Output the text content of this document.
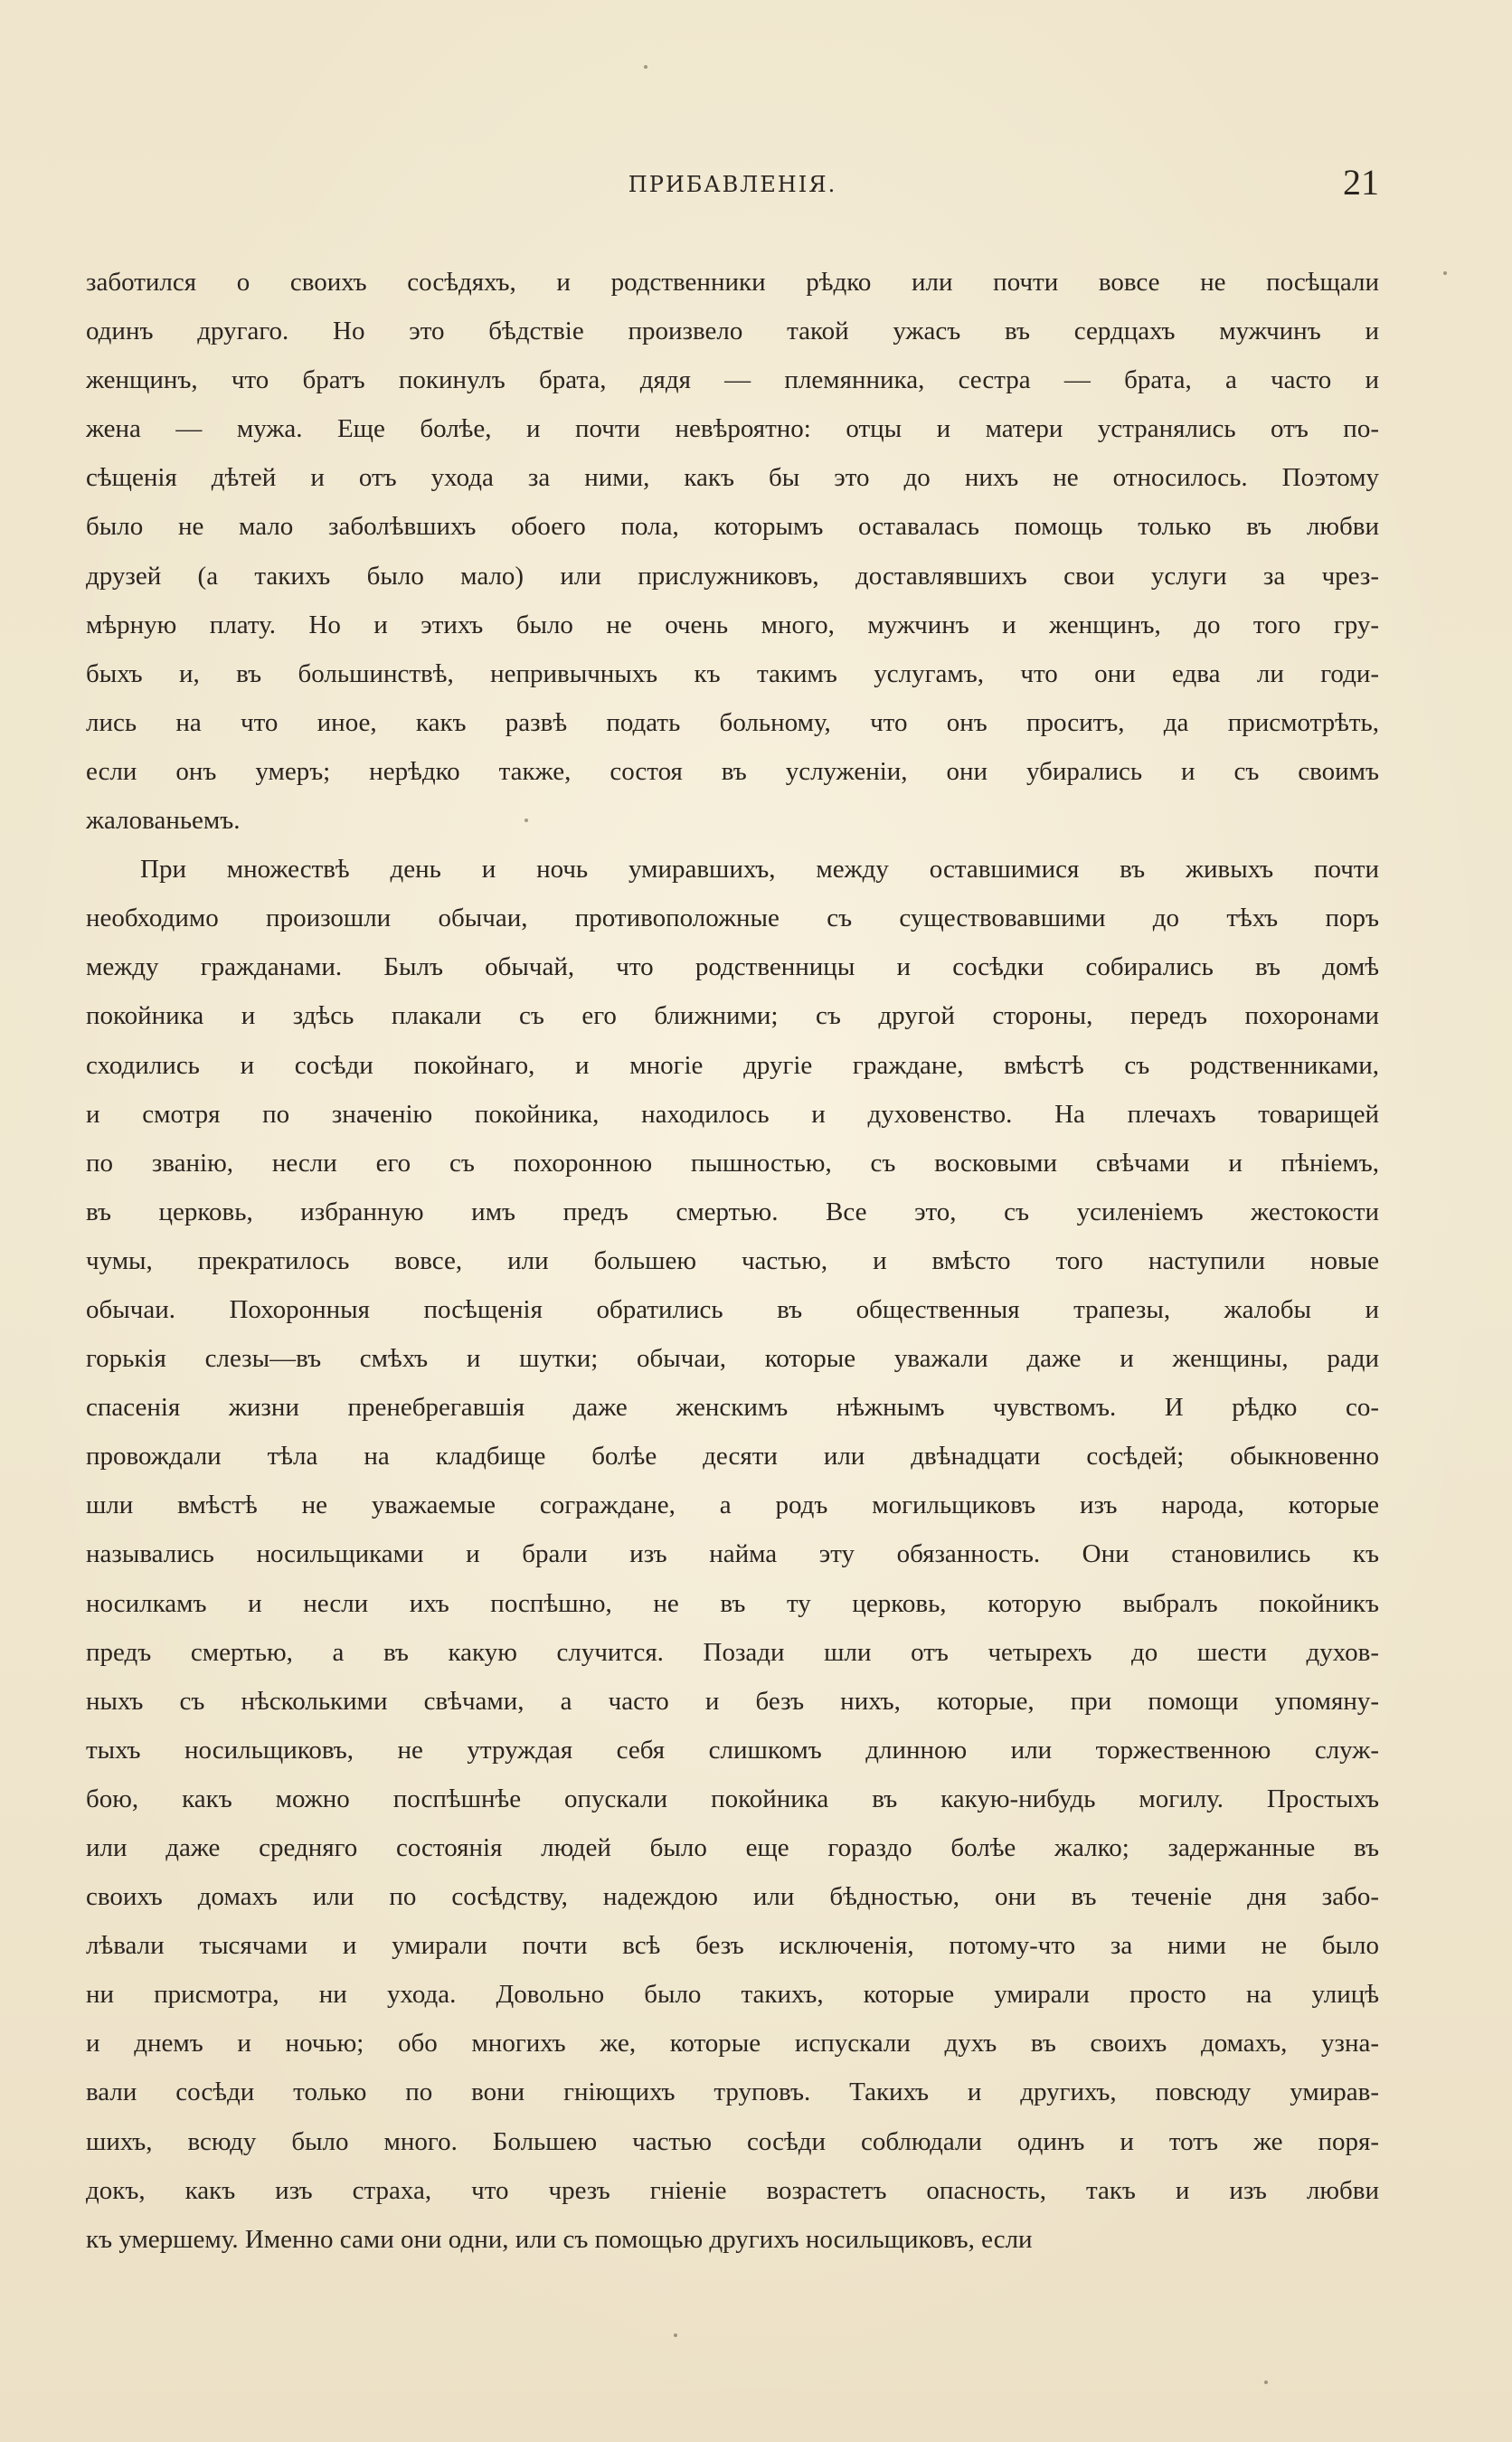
ПРИБАВЛЕНІЯ.	21
заботился о своихъ сосѣдяхъ, и родственники рѣдко или почти вовсе не посѣщали
одинъ другаго. Но это бѣдствіе произвело такой ужасъ въ сердцахъ мужчинъ и
женщинъ, что братъ покинулъ брата, дядя — племянника, сестра — брата, а часто и
жена — мужа. Еще болѣе, и почти невѣроятно: отцы и матери устранялись отъ по-
сѣщенія дѣтей и отъ ухода за ними, какъ бы это до нихъ не относилось. Поэтому
было не мало заболѣвшихъ обоего пола, которымъ оставалась помощь только въ любви
друзей (а такихъ было мало) или прислужниковъ, доставлявшихъ свои услуги за чрез-
мѣрную плату. Но и этихъ было не очень много, мужчинъ и женщинъ, до того гру-
быхъ и, въ большинствѣ, непривычныхъ къ такимъ услугамъ, что они едва ли годи-
лись на что иное, какъ развѣ подать больному, что онъ проситъ, да присмотрѣть,
если онъ умеръ; нерѣдко также, состоя въ услуженіи, они убирались и съ своимъ
жалованьемъ.
При множествѣ день и ночь умиравшихъ, между оставшимися въ живыхъ почти
необходимо произошли обычаи, противоположные съ существовавшими до тѣхъ поръ
между гражданами. Былъ обычай, что родственницы и сосѣдки собирались въ домѣ
покойника и здѣсь плакали съ его ближними; съ другой стороны, передъ похоронами
сходились и сосѣди покойнаго, и многіе другіе граждане, вмѣстѣ съ родственниками,
и смотря по значенію покойника, находилось и духовенство. На плечахъ товарищей
по званію, несли его съ похоронною пышностью, съ восковыми свѣчами и пѣніемъ,
въ церковь, избранную имъ предъ смертью. Все это, съ усиленіемъ жестокости
чумы, прекратилось вовсе, или большею частью, и вмѣсто того наступили новые
обычаи. Похоронныя посѣщенія обратились въ общественныя трапезы, жалобы и
горькія слезы—въ смѣхъ и шутки; обычаи, которые уважали даже и женщины, ради
спасенія жизни пренебрегавшія даже женскимъ нѣжнымъ чувствомъ. И рѣдко со-
провождали тѣла на кладбище болѣе десяти или двѣнадцати сосѣдей; обыкновенно
шли вмѣстѣ не уважаемые сограждане, а родъ могильщиковъ изъ народа, которые
назывались носильщиками и брали изъ найма эту обязанность. Они становились къ
носилкамъ и несли ихъ поспѣшно, не въ ту церковь, которую выбралъ покойникъ
предъ смертью, а въ какую случится. Позади шли отъ четырехъ до шести духов-
ныхъ съ нѣсколькими свѣчами, а часто и безъ нихъ, которые, при помощи упомяну-
тыхъ носильщиковъ, не утруждая себя слишкомъ длинною или торжественною служ-
бою, какъ можно поспѣшнѣе опускали покойника въ какую-нибудь могилу. Простыхъ
или даже средняго состоянія людей было еще гораздо болѣе жалко; задержанные въ
своихъ домахъ или по сосѣдству, надеждою или бѣдностью, они въ теченіе дня забо-
лѣвали тысячами и умирали почти всѣ безъ исключенія, потому-что за ними не было
ни присмотра, ни ухода. Довольно было такихъ, которые умирали просто на улицѣ
и днемъ и ночью; обо многихъ же, которые испускали духъ въ своихъ домахъ, узна-
вали сосѣди только по вони гніющихъ труповъ. Такихъ и другихъ, повсюду умирав-
шихъ, всюду было много. Большею частью сосѣди соблюдали одинъ и тотъ же поря-
докъ, какъ изъ страха, что чрезъ гніеніе возрастетъ опасность, такъ и изъ любви
къ умершему. Именно сами они одни, или съ помощью другихъ носильщиковъ, если
